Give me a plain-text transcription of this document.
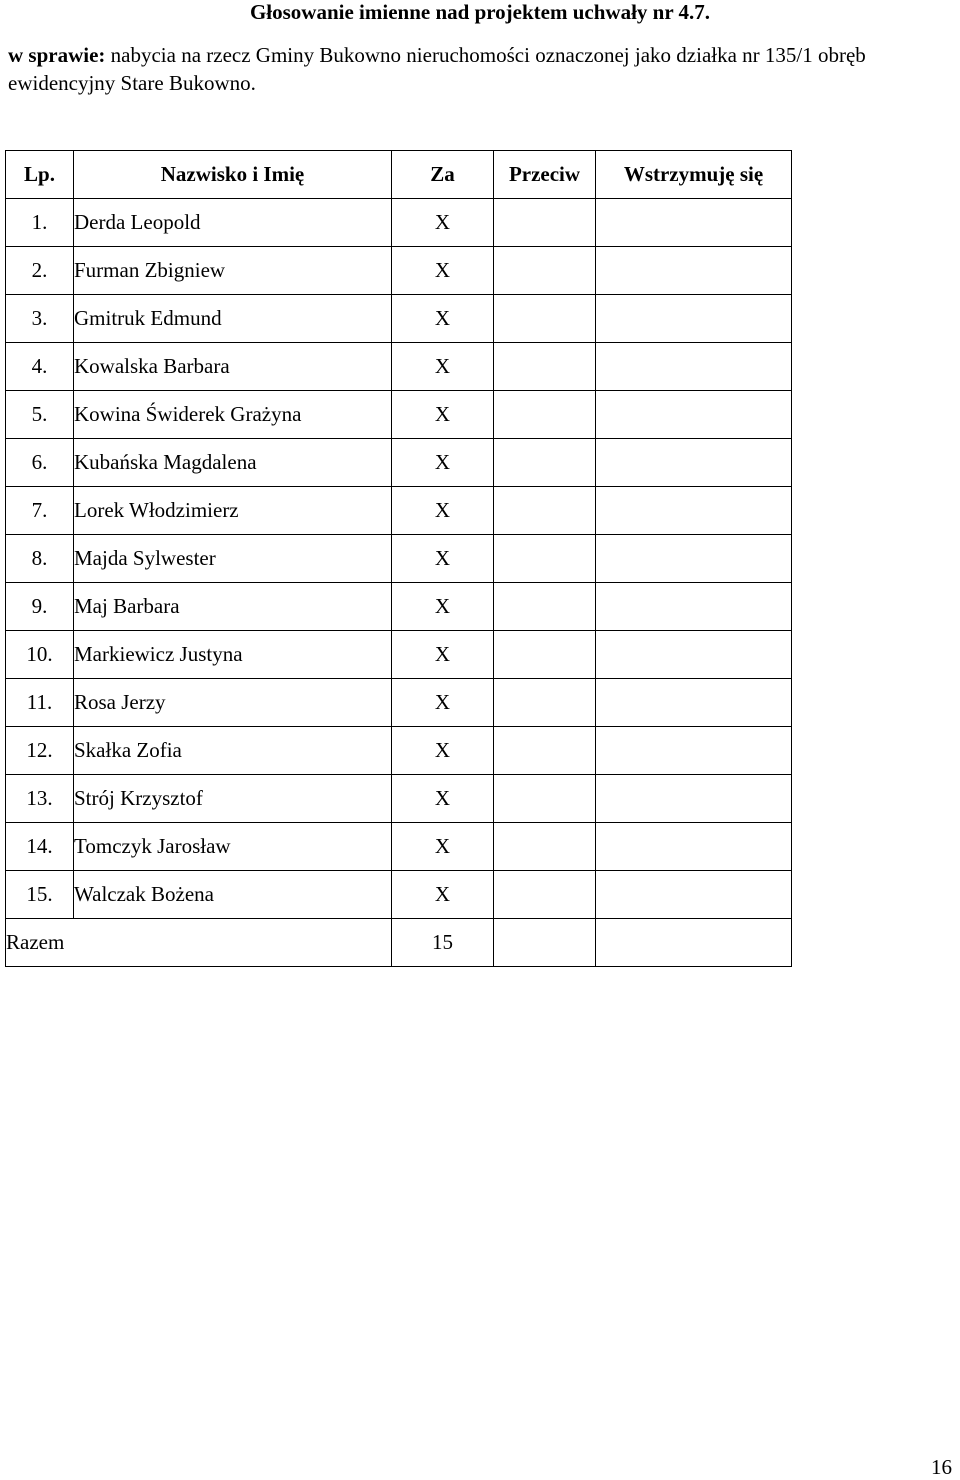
Głosowanie imienne nad projektem uchwały nr 4.7.
w sprawie: nabycia na rzecz Gminy Bukowno nieruchomości oznaczonej jako działka nr 135/1 obręb ewidencyjny Stare Bukowno.
Lp.	Nazwisko i Imię	Za	Przeciw	Wstrzymuję się
1.	Derda Leopold	X		
2.	Furman Zbigniew	X		
3.	Gmitruk Edmund	X		
4.	Kowalska Barbara	X		
5.	Kowina Świderek Grażyna	X		
6.	Kubańska Magdalena	X		
7.	Lorek Włodzimierz	X		
8.	Majda Sylwester	X		
9.	Maj Barbara	X		
10.	Markiewicz Justyna	X		
11.	Rosa Jerzy	X		
12.	Skałka Zofia	X		
13.	Strój Krzysztof	X		
14.	Tomczyk Jarosław	X		
15.	Walczak Bożena	X		
Razem		15		
16
